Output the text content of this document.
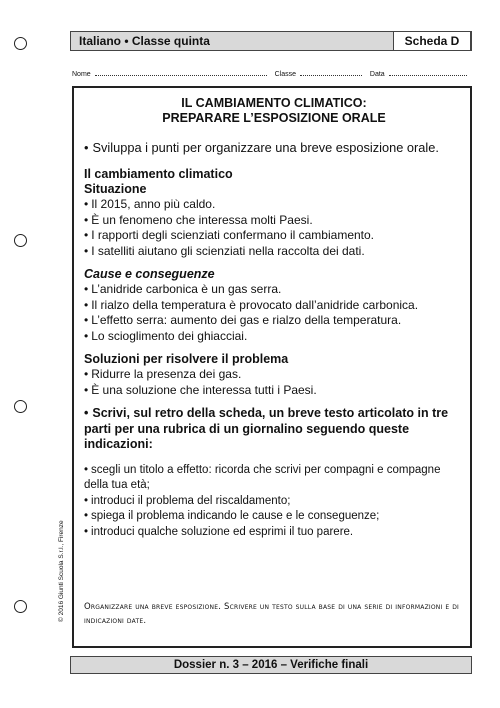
Italiano • Classe quinta	Scheda D
Nome	Classe	Data
IL CAMBIAMENTO CLIMATICO:
PREPARARE L’ESPOSIZIONE ORALE
• Sviluppa i punti per organizzare una breve esposizione orale.
Il cambiamento climatico
Situazione
• Il 2015, anno più caldo.
• È un fenomeno che interessa molti Paesi.
• I rapporti degli scienziati confermano il cambiamento.
• I satelliti aiutano gli scienziati nella raccolta dei dati.
Cause e conseguenze
• L’anidride carbonica è un gas serra.
• Il rialzo della temperatura è provocato dall’anidride carbonica.
• L’effetto serra: aumento dei gas e rialzo della temperatura.
• Lo scioglimento dei ghiacciai.
Soluzioni per risolvere il problema
• Ridurre la presenza dei gas.
• È una soluzione che interessa tutti i Paesi.
• Scrivi, sul retro della scheda, un breve testo articolato in tre parti per una rubrica di un giornalino seguendo queste indicazioni:
• scegli un titolo a effetto: ricorda che scrivi per compagni e compagne della tua età;
• introduci il problema del riscaldamento;
• spiega il problema indicando le cause e le conseguenze;
• introduci qualche soluzione ed esprimi il tuo parere.
Organizzare una breve esposizione. Scrivere un testo sulla base di una serie di informazioni e di indicazioni date.
© 2016 Giunti Scuola S.r.l., Firenze
Dossier n. 3 – 2016 – Verifiche finali
